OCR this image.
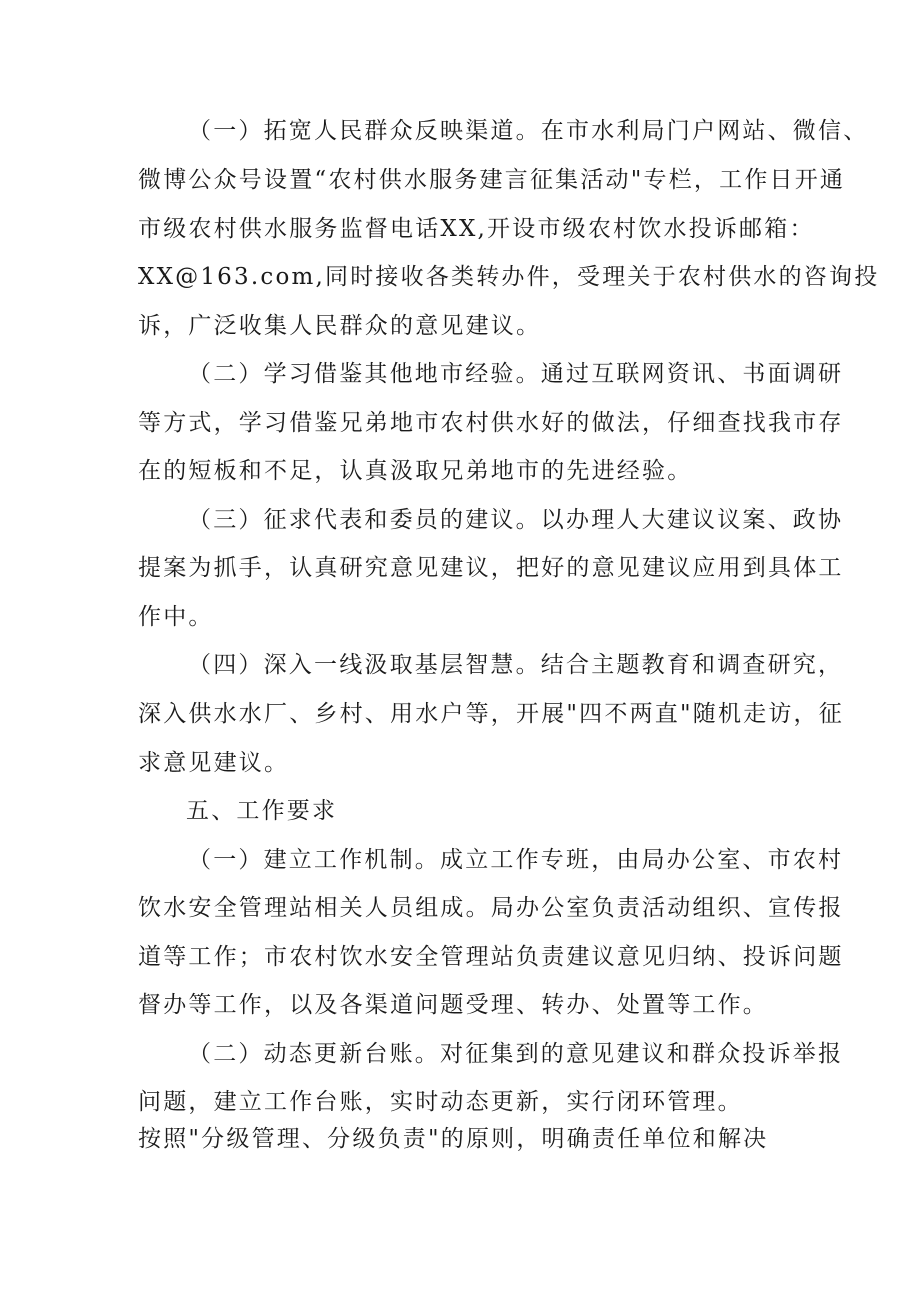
（一）拓宽人民群众反映渠道。在市水利局门户网站、微信、
微博公众号设置“农村供水服务建言征集活动"专栏，工作日开通
市级农村供水服务监督电话XX,开设市级农村饮水投诉邮箱：
XX@163.com,同时接收各类转办件，受理关于农村供水的咨询投
诉，广泛收集人民群众的意见建议。
（二）学习借鉴其他地市经验。通过互联网资讯、书面调研
等方式，学习借鉴兄弟地市农村供水好的做法，仔细查找我市存
在的短板和不足，认真汲取兄弟地市的先进经验。
（三）征求代表和委员的建议。以办理人大建议议案、政协
提案为抓手，认真研究意见建议，把好的意见建议应用到具体工
作中。
（四）深入一线汲取基层智慧。结合主题教育和调查研究，
深入供水水厂、乡村、用水户等，开展"四不两直"随机走访，征
求意见建议。
五、工作要求
（一）建立工作机制。成立工作专班，由局办公室、市农村
饮水安全管理站相关人员组成。局办公室负责活动组织、宣传报
道等工作；市农村饮水安全管理站负责建议意见归纳、投诉问题
督办等工作，以及各渠道问题受理、转办、处置等工作。
（二）动态更新台账。对征集到的意见建议和群众投诉举报
问题，建立工作台账，实时动态更新，实行闭环管理。
按照"分级管理、分级负责"的原则，明确责任单位和解决
